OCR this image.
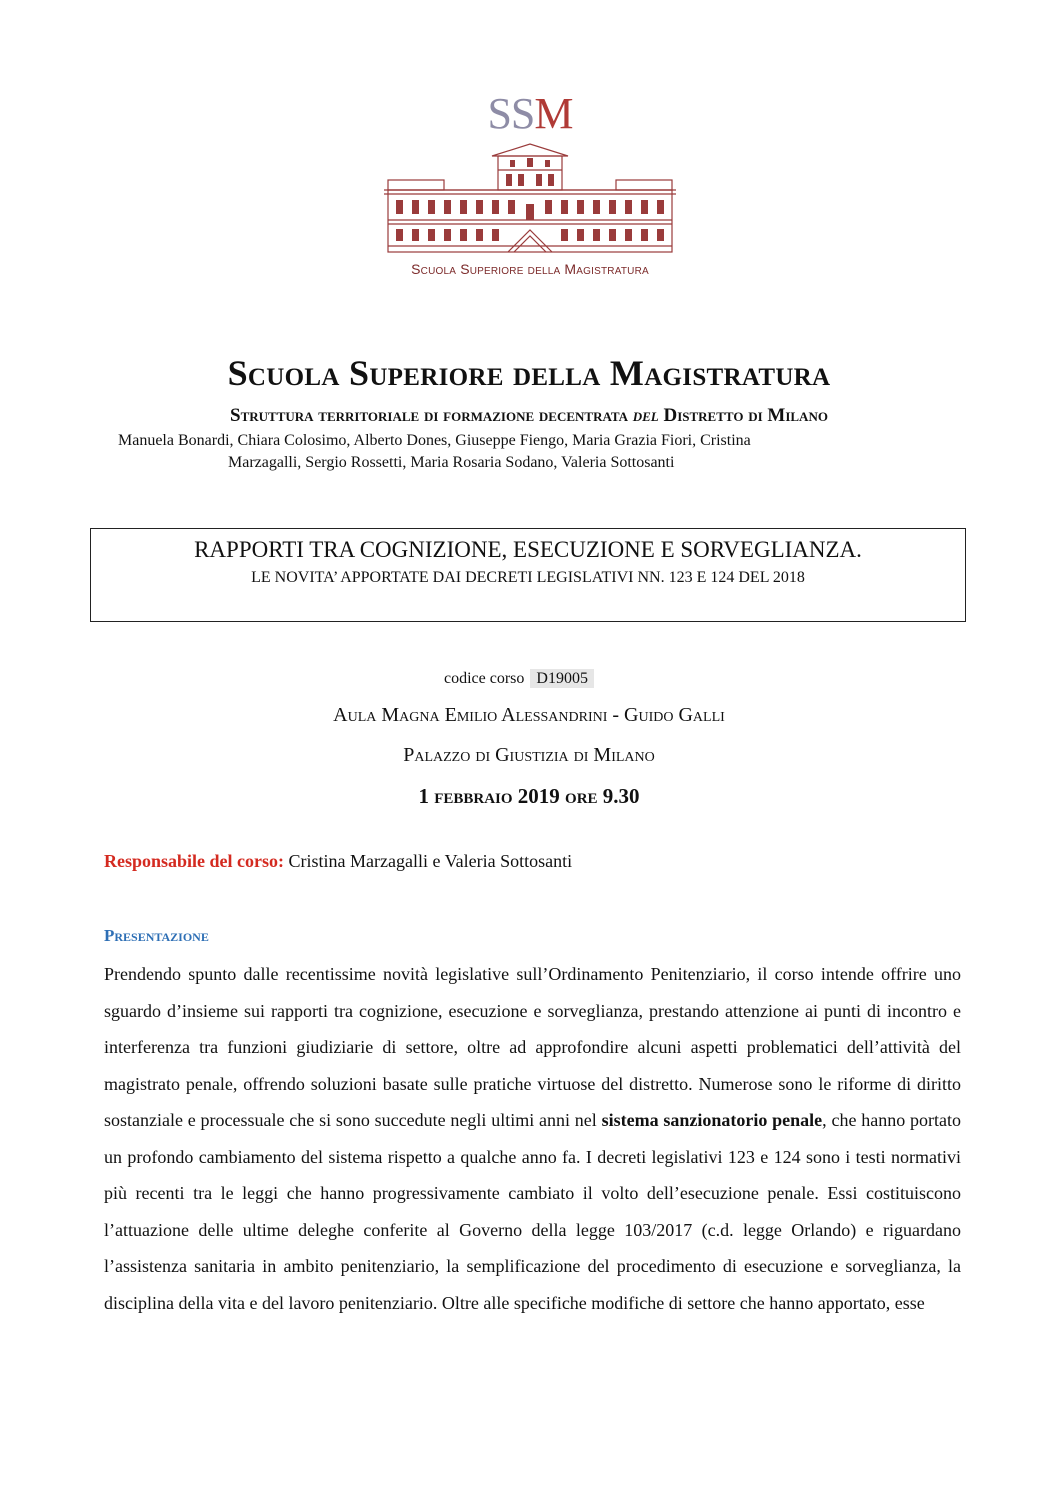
SSM
Scuola Superiore della Magistratura
Scuola Superiore della Magistratura
Struttura territoriale di formazione decentrata del Distretto di Milano
Manuela Bonardi, Chiara Colosimo, Alberto Dones, Giuseppe Fiengo, Maria Grazia Fiori, Cristina
Marzagalli, Sergio Rossetti, Maria Rosaria Sodano, Valeria Sottosanti
RAPPORTI TRA COGNIZIONE, ESECUZIONE E SORVEGLIANZA.
LE NOVITA’ APPORTATE DAI DECRETI LEGISLATIVI NN. 123 E 124 DEL 2018
codice corso D19005
Aula Magna Emilio Alessandrini - Guido Galli
Palazzo di Giustizia di Milano
1 febbraio 2019 ore 9.30
Responsabile del corso: Cristina Marzagalli e Valeria Sottosanti
Presentazione

Prendendo spunto dalle recentissime novità legislative sull’Ordinamento Penitenziario, il corso intende offrire uno sguardo d’insieme sui rapporti tra cognizione, esecuzione e sorveglianza, prestando attenzione ai punti di incontro e interferenza tra funzioni giudiziarie di settore, oltre ad approfondire alcuni aspetti problematici dell’attività del magistrato penale, offrendo soluzioni basate sulle pratiche virtuose del distretto. Numerose sono le riforme di diritto sostanziale e processuale che si sono succedute negli ultimi anni nel sistema sanzionatorio penale, che hanno portato un profondo cambiamento del sistema rispetto a qualche anno fa. I decreti legislativi 123 e 124 sono i testi normativi più recenti tra le leggi che hanno progressivamente cambiato il volto dell’esecuzione penale. Essi costituiscono l’attuazione delle ultime deleghe conferite al Governo della legge 103/2017 (c.d. legge Orlando) e riguardano l’assistenza sanitaria in ambito penitenziario, la semplificazione del procedimento di esecuzione e sorveglianza, la disciplina della vita e del lavoro penitenziario. Oltre alle specifiche modifiche di settore che hanno apportato, esse
